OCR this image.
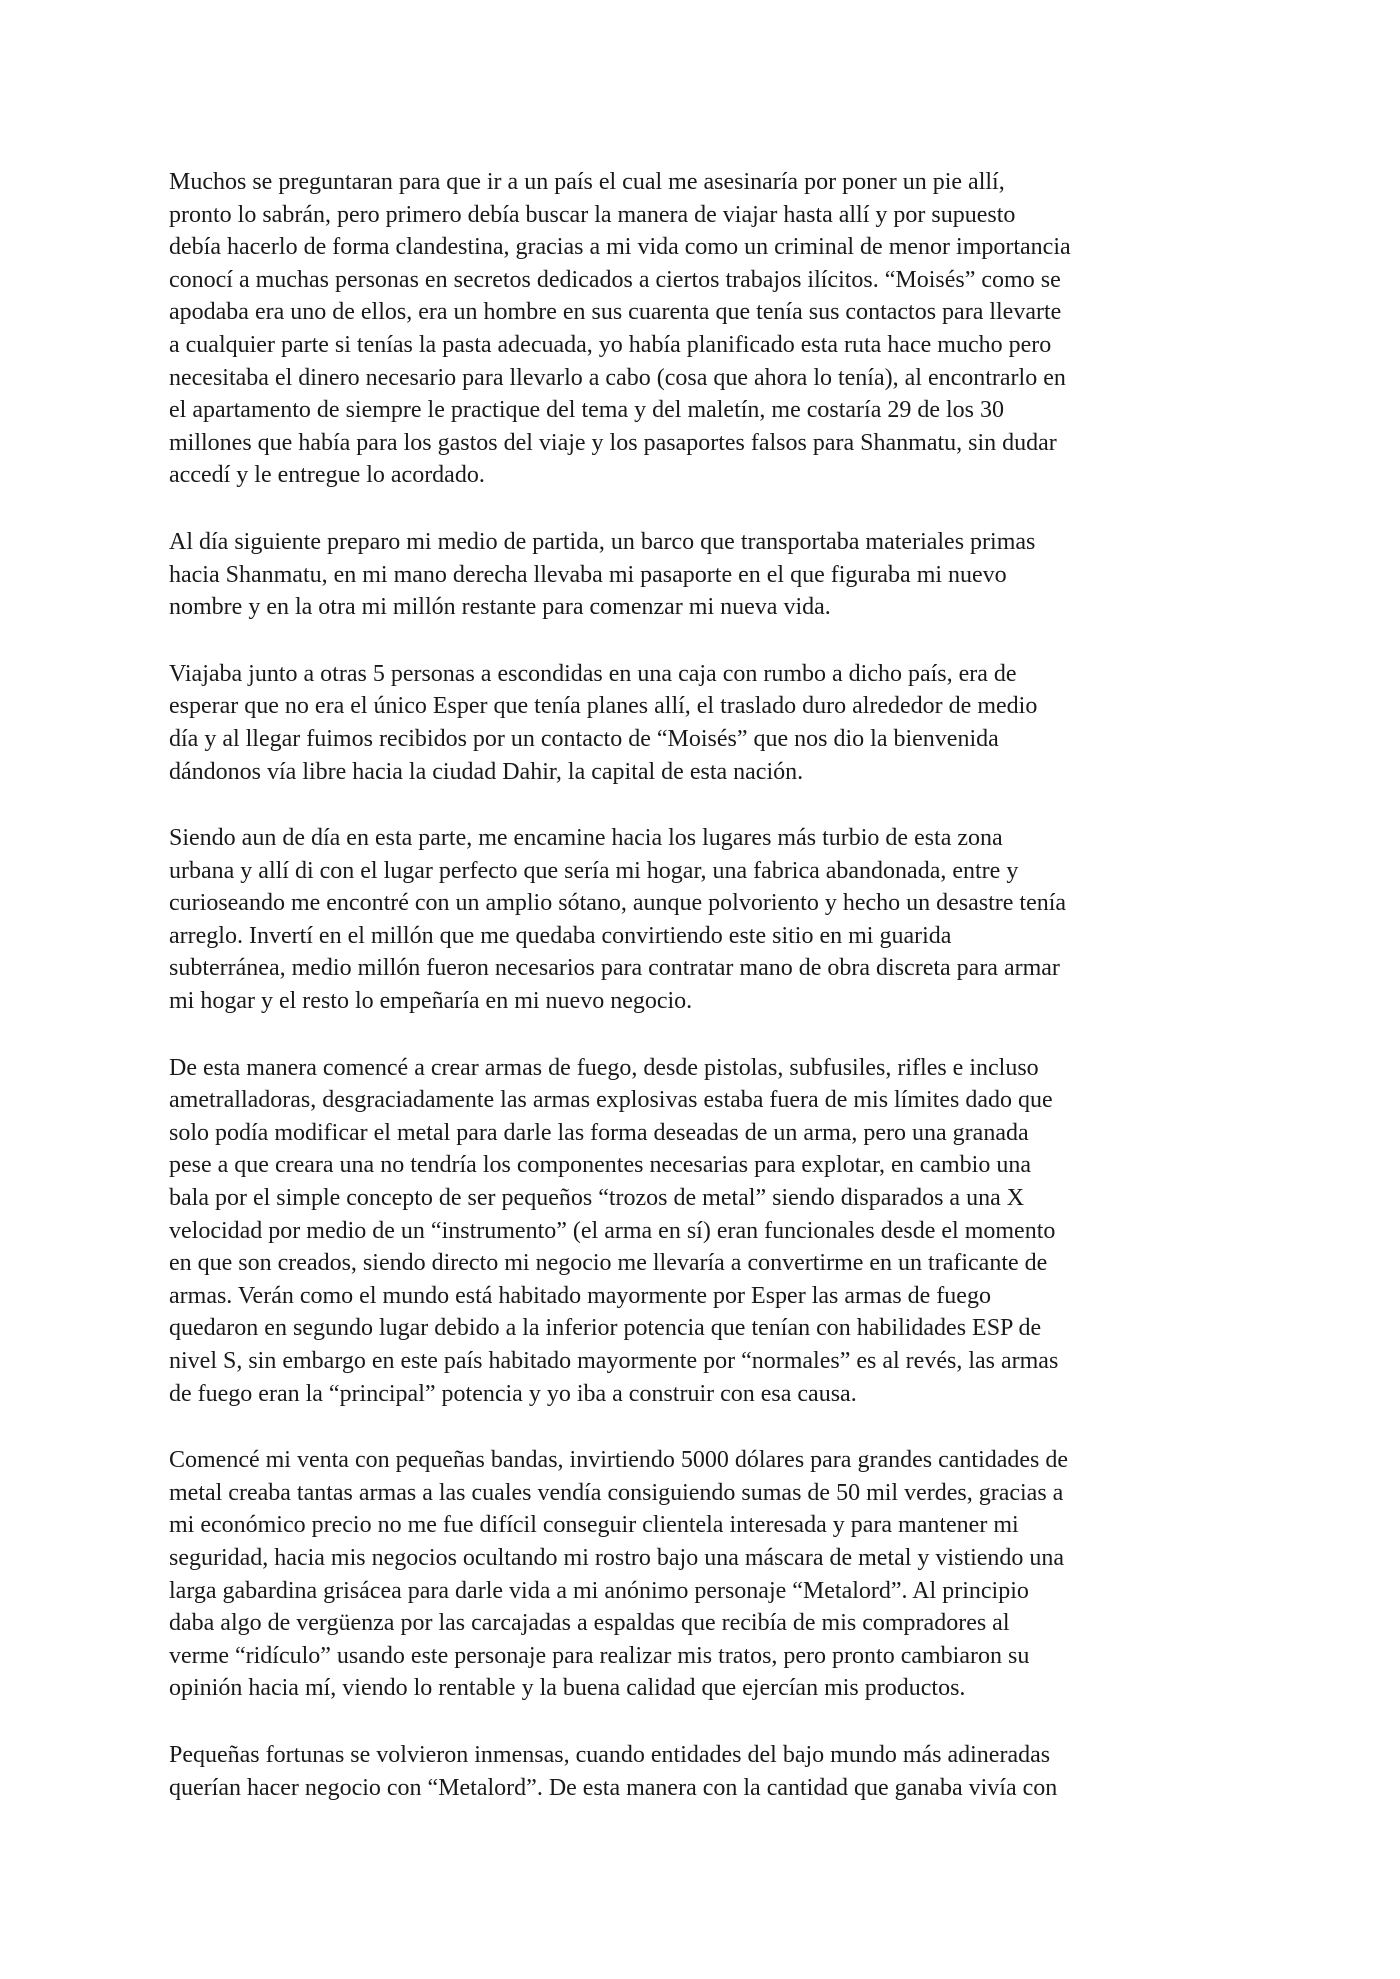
Muchos se preguntaran para que ir a un país el cual me asesinaría por poner un pie allí,
pronto lo sabrán, pero primero debía buscar la manera de viajar hasta allí y por supuesto
debía hacerlo de forma clandestina, gracias a mi vida como un criminal de menor importancia
conocí a muchas personas en secretos dedicados a ciertos trabajos ilícitos. “Moisés” como se
apodaba era uno de ellos, era un hombre en sus cuarenta que tenía sus contactos para llevarte
a cualquier parte si tenías la pasta adecuada, yo había planificado esta ruta hace mucho pero
necesitaba el dinero necesario para llevarlo a cabo (cosa que ahora lo tenía), al encontrarlo en
el apartamento de siempre le practique del tema y del maletín, me costaría 29 de los 30
millones que había para los gastos del viaje y los pasaportes falsos para Shanmatu, sin dudar
accedí y le entregue lo acordado.

Al día siguiente preparo mi medio de partida, un barco que transportaba materiales primas
hacia Shanmatu, en mi mano derecha llevaba mi pasaporte en el que figuraba mi nuevo
nombre y en la otra mi millón restante para comenzar mi nueva vida.

Viajaba junto a otras 5 personas a escondidas en una caja con rumbo a dicho país, era de
esperar que no era el único Esper que tenía planes allí, el traslado duro alrededor de medio
día y al llegar fuimos recibidos por un contacto de “Moisés” que nos dio la bienvenida
dándonos vía libre hacia la ciudad Dahir, la capital de esta nación.

Siendo aun de día en esta parte, me encamine hacia los lugares más turbio de esta zona
urbana y allí di con el lugar perfecto que sería mi hogar, una fabrica abandonada, entre y
curioseando me encontré con un amplio sótano, aunque polvoriento y hecho un desastre tenía
arreglo. Invertí en el millón que me quedaba convirtiendo este sitio en mi guarida
subterránea, medio millón fueron necesarios para contratar mano de obra discreta para armar
mi hogar y el resto lo empeñaría en mi nuevo negocio.

De esta manera comencé a crear armas de fuego, desde pistolas, subfusiles, rifles e incluso
ametralladoras, desgraciadamente las armas explosivas estaba fuera de mis límites dado que
solo podía modificar el metal para darle las forma deseadas de un arma, pero una granada
pese a que creara una no tendría los componentes necesarias para explotar, en cambio una
bala por el simple concepto de ser pequeños “trozos de metal” siendo disparados a una X
velocidad por medio de un “instrumento” (el arma en sí) eran funcionales desde el momento
en que son creados, siendo directo mi negocio me llevaría a convertirme en un traficante de
armas. Verán como el mundo está habitado mayormente por Esper las armas de fuego
quedaron en segundo lugar debido a la inferior potencia que tenían con habilidades ESP de
nivel S, sin embargo en este país habitado mayormente por “normales” es al revés, las armas
de fuego eran la “principal” potencia y yo iba a construir con esa causa.

Comencé mi venta con pequeñas bandas, invirtiendo 5000 dólares para grandes cantidades de
metal creaba tantas armas a las cuales vendía consiguiendo sumas de 50 mil verdes, gracias a
mi económico precio no me fue difícil conseguir clientela interesada y para mantener mi
seguridad, hacia mis negocios ocultando mi rostro bajo una máscara de metal y vistiendo una
larga gabardina grisácea para darle vida a mi anónimo personaje “Metalord”. Al principio
daba algo de vergüenza por las carcajadas a espaldas que recibía de mis compradores al
verme “ridículo” usando este personaje para realizar mis tratos, pero pronto cambiaron su
opinión hacia mí, viendo lo rentable y la buena calidad que ejercían mis productos.

Pequeñas fortunas se volvieron inmensas, cuando entidades del bajo mundo más adineradas
querían hacer negocio con “Metalord”. De esta manera con la cantidad que ganaba vivía con
